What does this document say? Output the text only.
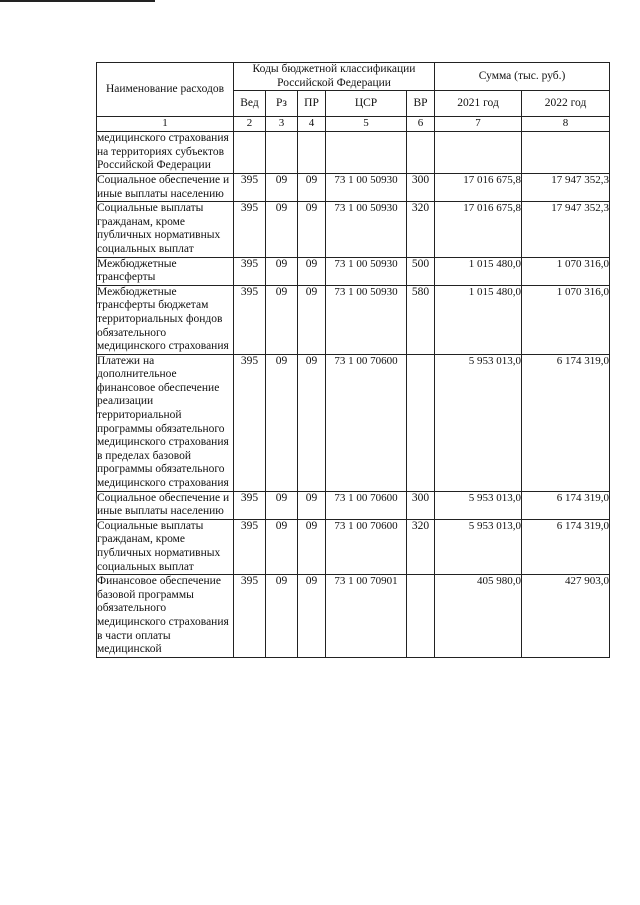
Наименование расходов	Коды бюджетной классификации Российской Федерации					Сумма (тыс. руб.)	
	Вед	Рз	ПР	ЦСР	ВР	2021 год	2022 год
1	2	3	4	5	6	7	8
медицинского страхования на территориях субъектов Российской Федерации							
Социальное обеспечение и иные выплаты населению	395	09	09	73 1 00 50930	300	17 016 675,8	17 947 352,3
Социальные выплаты гражданам, кроме публичных нормативных социальных выплат	395	09	09	73 1 00 50930	320	17 016 675,8	17 947 352,3
Межбюджетные трансферты	395	09	09	73 1 00 50930	500	1 015 480,0	1 070 316,0
Межбюджетные трансферты бюджетам территориальных фондов обязательного медицинского страхования	395	09	09	73 1 00 50930	580	1 015 480,0	1 070 316,0
Платежи на дополнительное финансовое обеспечение реализации территориальной программы обязательного медицинского страхования в пределах базовой программы обязательного медицинского страхования	395	09	09	73 1 00 70600		5 953 013,0	6 174 319,0
Социальное обеспечение и иные выплаты населению	395	09	09	73 1 00 70600	300	5 953 013,0	6 174 319,0
Социальные выплаты гражданам, кроме публичных нормативных социальных выплат	395	09	09	73 1 00 70600	320	5 953 013,0	6 174 319,0
Финансовое обеспечение базовой программы обязательного медицинского страхования в части оплаты медицинской	395	09	09	73 1 00 70901		405 980,0	427 903,0
